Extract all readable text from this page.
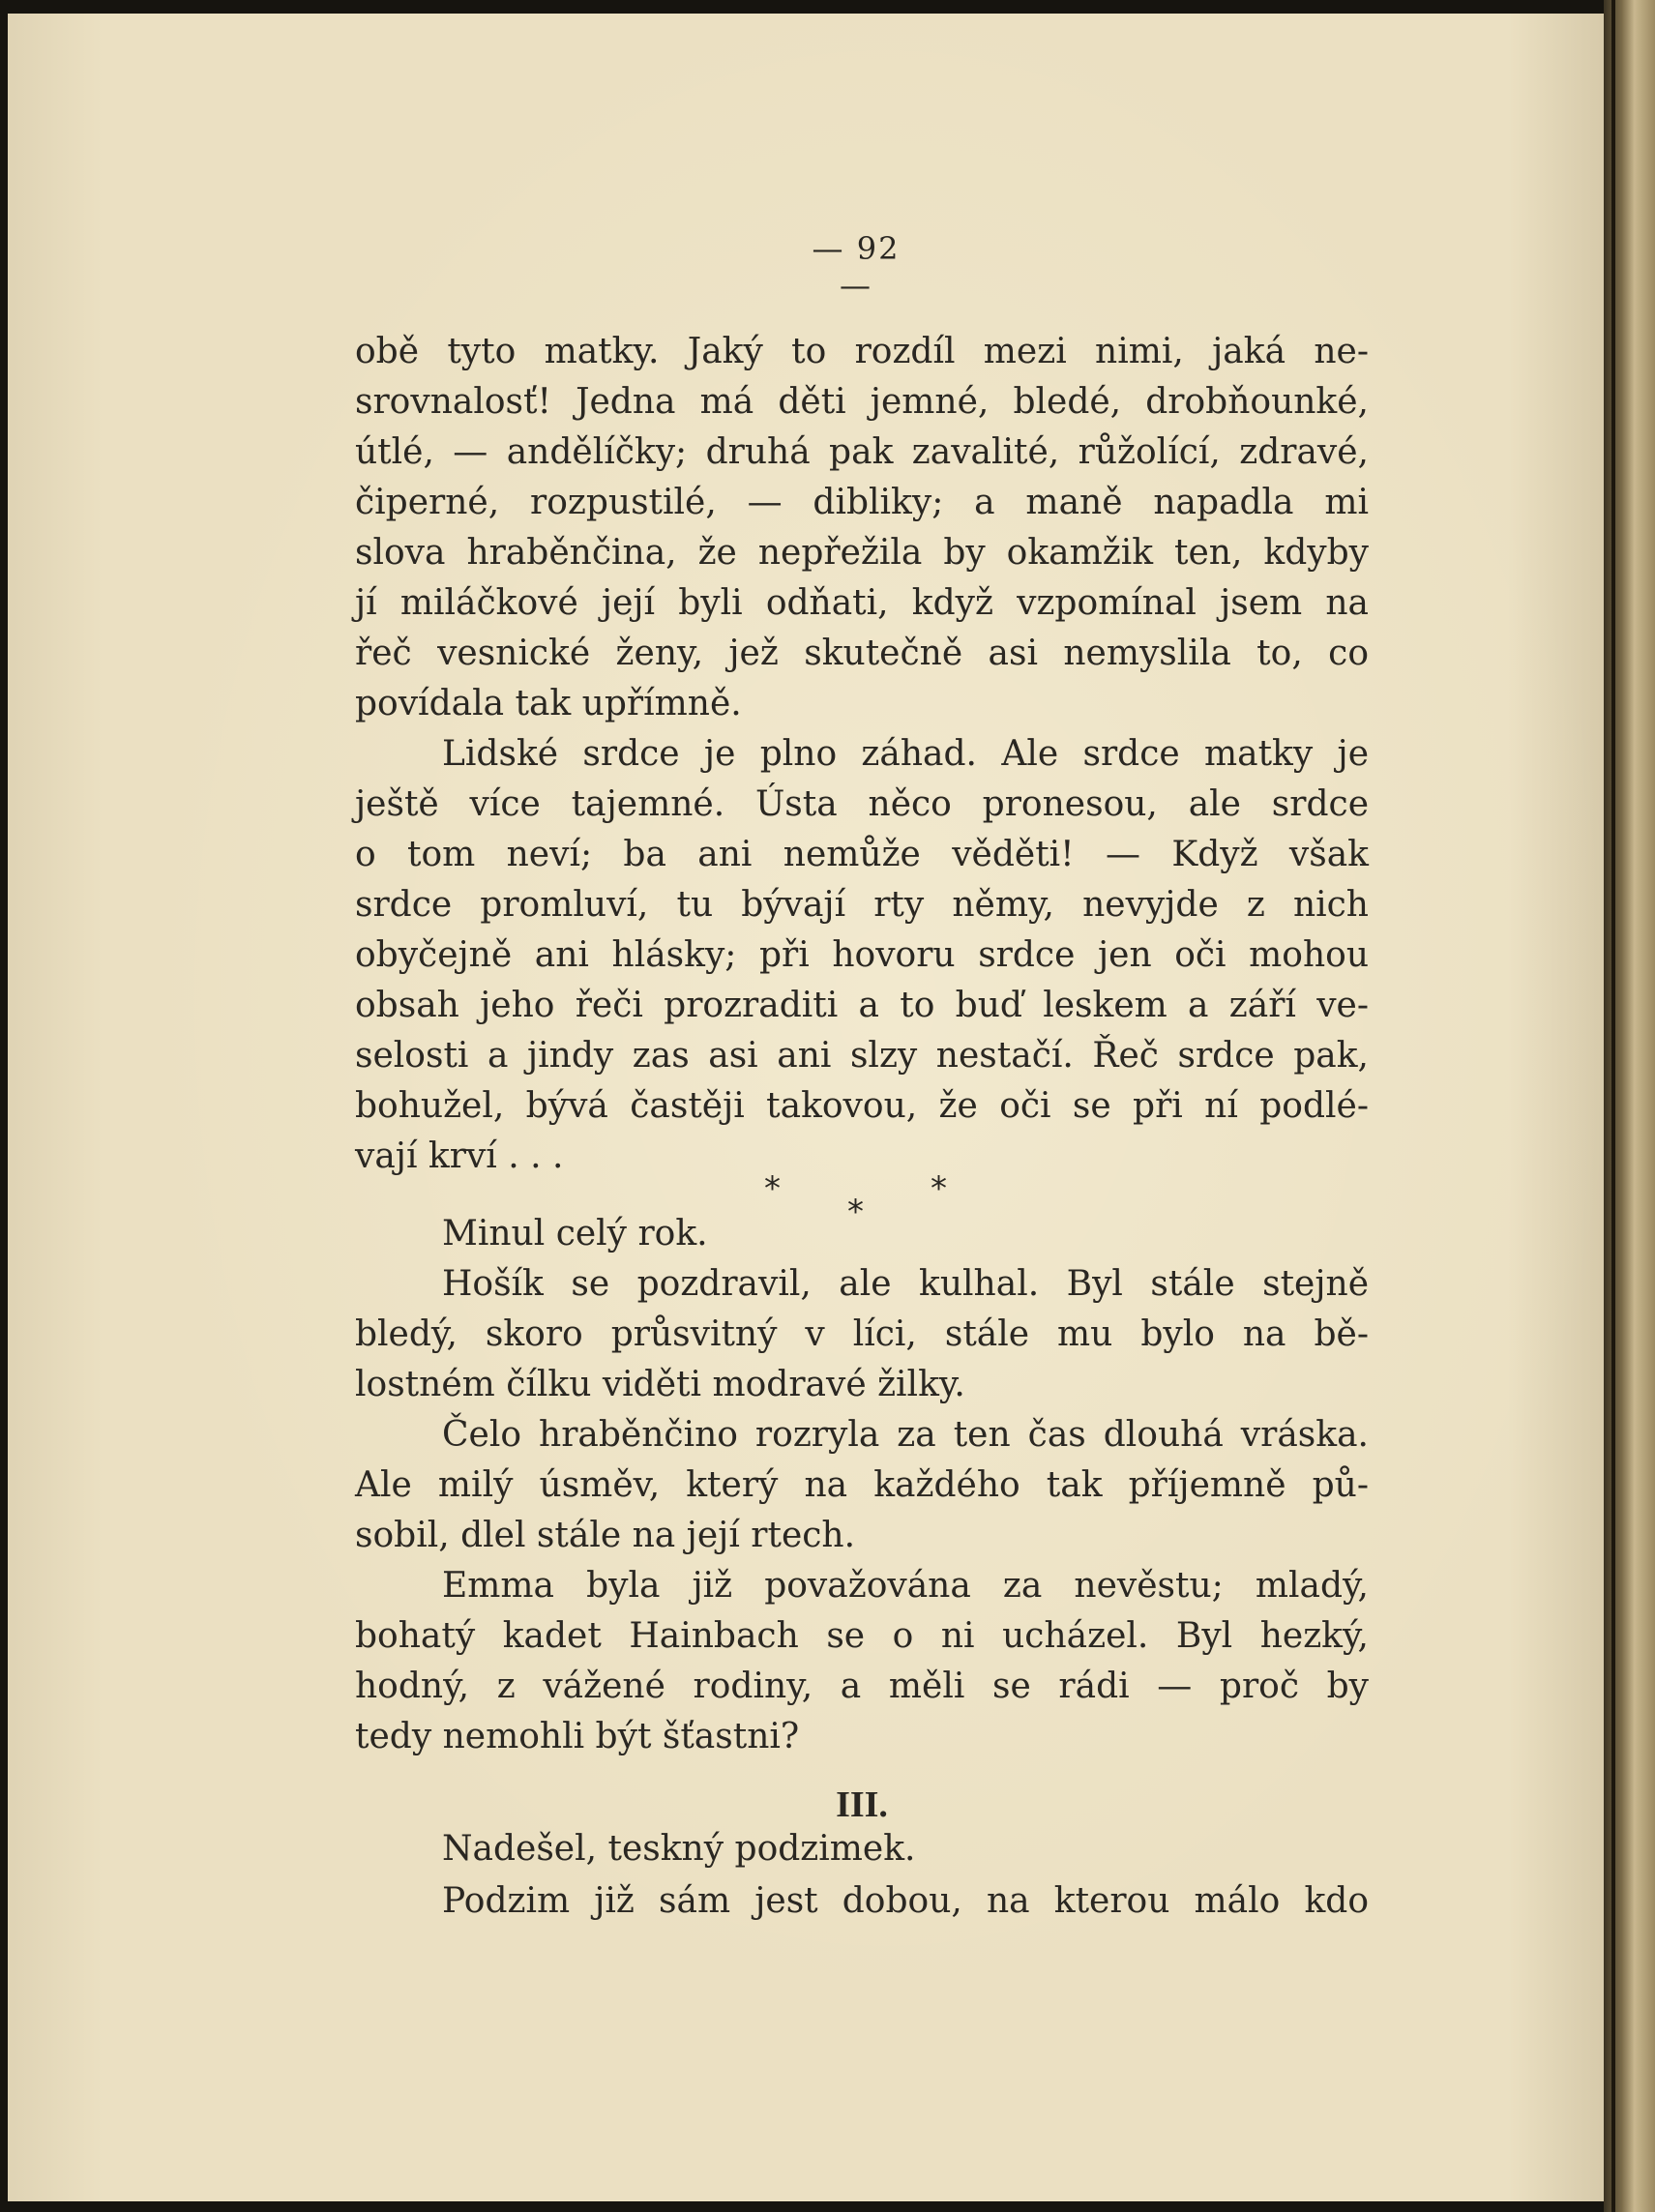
— 92 —
obě tyto matky. Jaký to rozdíl mezi nimi, jaká ne-
srovnalosť! Jedna má děti jemné, bledé, drobňounké,
útlé, — andělíčky; druhá pak zavalité, růžolící, zdravé,
čiperné, rozpustilé, — dibliky; a maně napadla mi
slova hraběnčina, že nepřežila by okamžik ten, kdyby
jí miláčkové její byli odňati, když vzpomínal jsem na
řeč vesnické ženy, jež skutečně asi nemyslila to, co
povídala tak upřímně.
Lidské srdce je plno záhad. Ale srdce matky je
ještě více tajemné. Ústa něco pronesou, ale srdce
o tom neví; ba ani nemůže věděti! — Když však
srdce promluví, tu bývají rty němy, nevyjde z nich
obyčejně ani hlásky; při hovoru srdce jen oči mohou
obsah jeho řeči prozraditi a to buď leskem a září ve-
selosti a jindy zas asi ani slzy nestačí. Řeč srdce pak,
bohužel, bývá častěji takovou, že oči se při ní podlé-
vají krví . . .
*	*
*
Minul celý rok.
Hošík se pozdravil, ale kulhal. Byl stále stejně
bledý, skoro průsvitný v líci, stále mu bylo na bě-
lostném čílku viděti modravé žilky.
Čelo hraběnčino rozryla za ten čas dlouhá vráska.
Ale milý úsměv, který na každého tak příjemně pů-
sobil, dlel stále na její rtech.
Emma byla již považována za nevěstu; mladý,
bohatý kadet Hainbach se o ni ucházel. Byl hezký,
hodný, z vážené rodiny, a měli se rádi — proč by
tedy nemohli být šťastni?
III.
Nadešel, teskný podzimek.
Podzim již sám jest dobou, na kterou málo kdo
